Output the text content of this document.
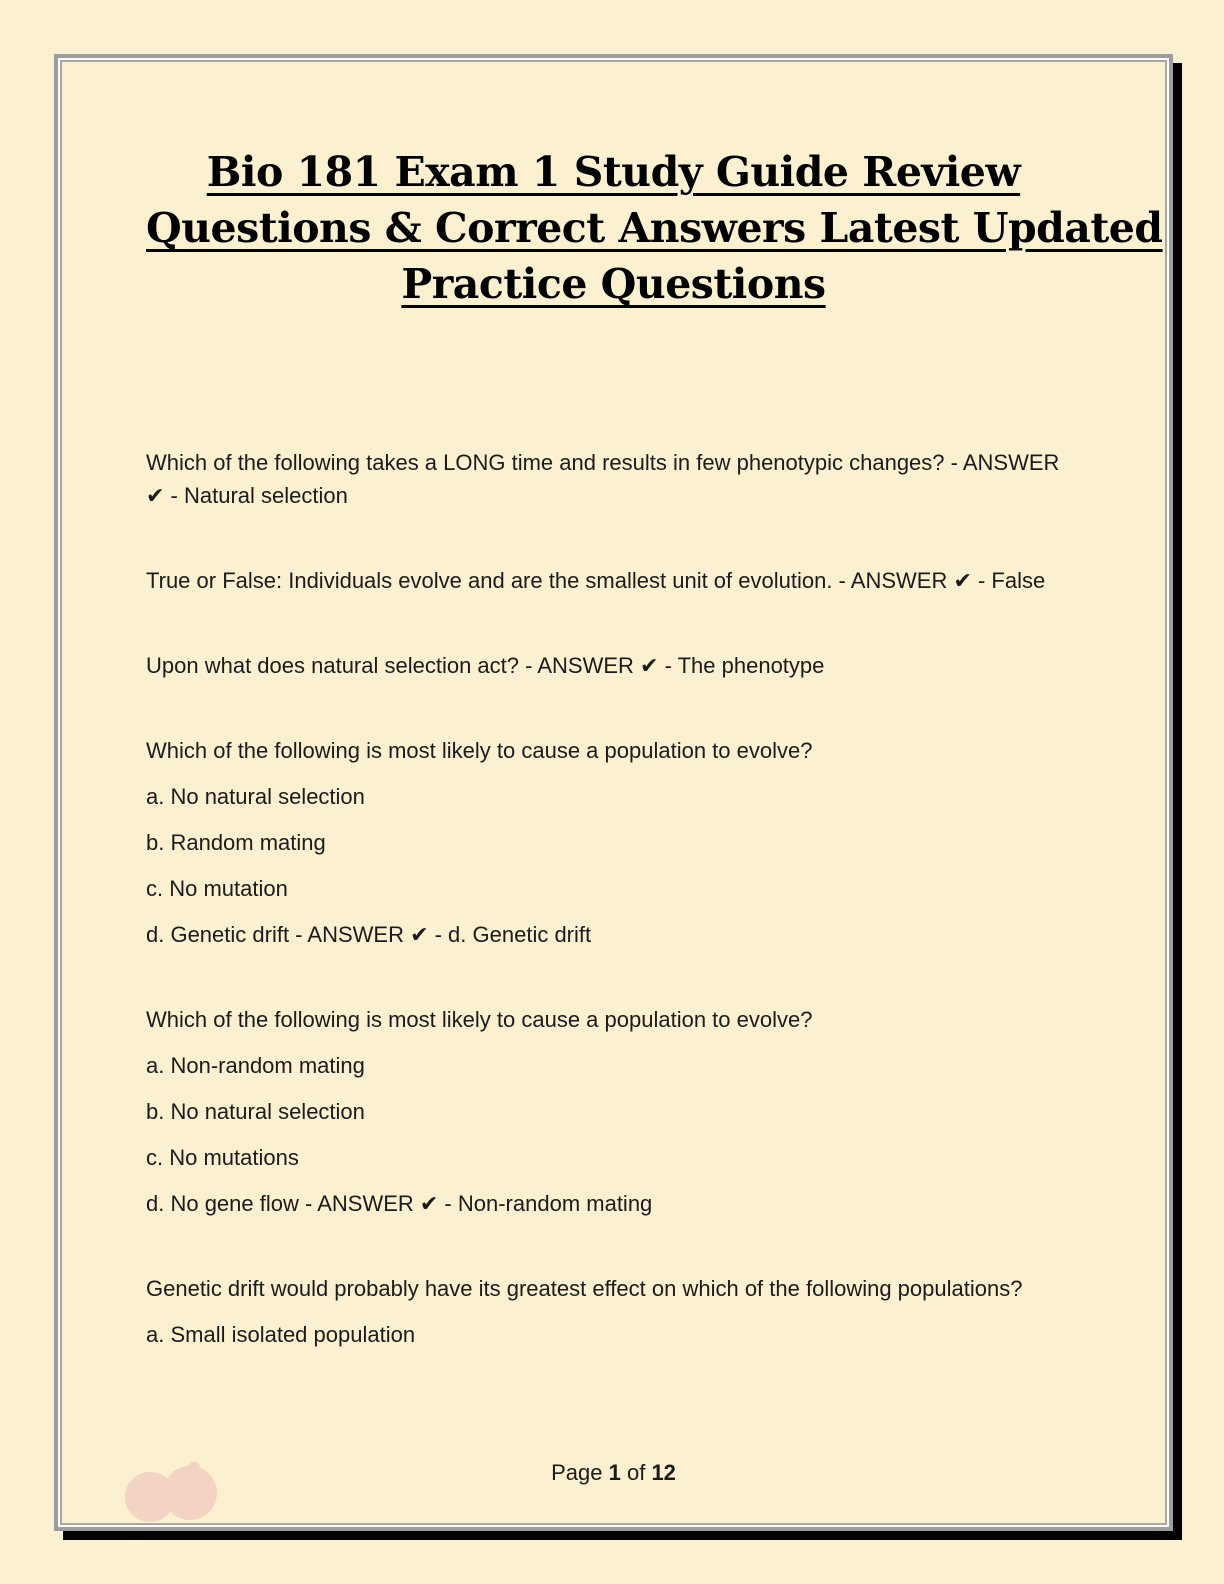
Bio 181 Exam 1 Study Guide Review
Questions & Correct Answers Latest Updated
Practice Questions

Which of the following takes a LONG time and results in few phenotypic changes? - ANSWER ✔ - Natural selection

True or False: Individuals evolve and are the smallest unit of evolution. - ANSWER ✔ - False

Upon what does natural selection act? - ANSWER ✔ - The phenotype

Which of the following is most likely to cause a population to evolve?

a. No natural selection

b. Random mating

c. No mutation

d. Genetic drift - ANSWER ✔ - d. Genetic drift

Which of the following is most likely to cause a population to evolve?

a. Non-random mating

b. No natural selection

c. No mutations

d. No gene flow - ANSWER ✔ - Non-random mating

Genetic drift would probably have its greatest effect on which of the following populations?

a. Small isolated population

Page 1 of 12
